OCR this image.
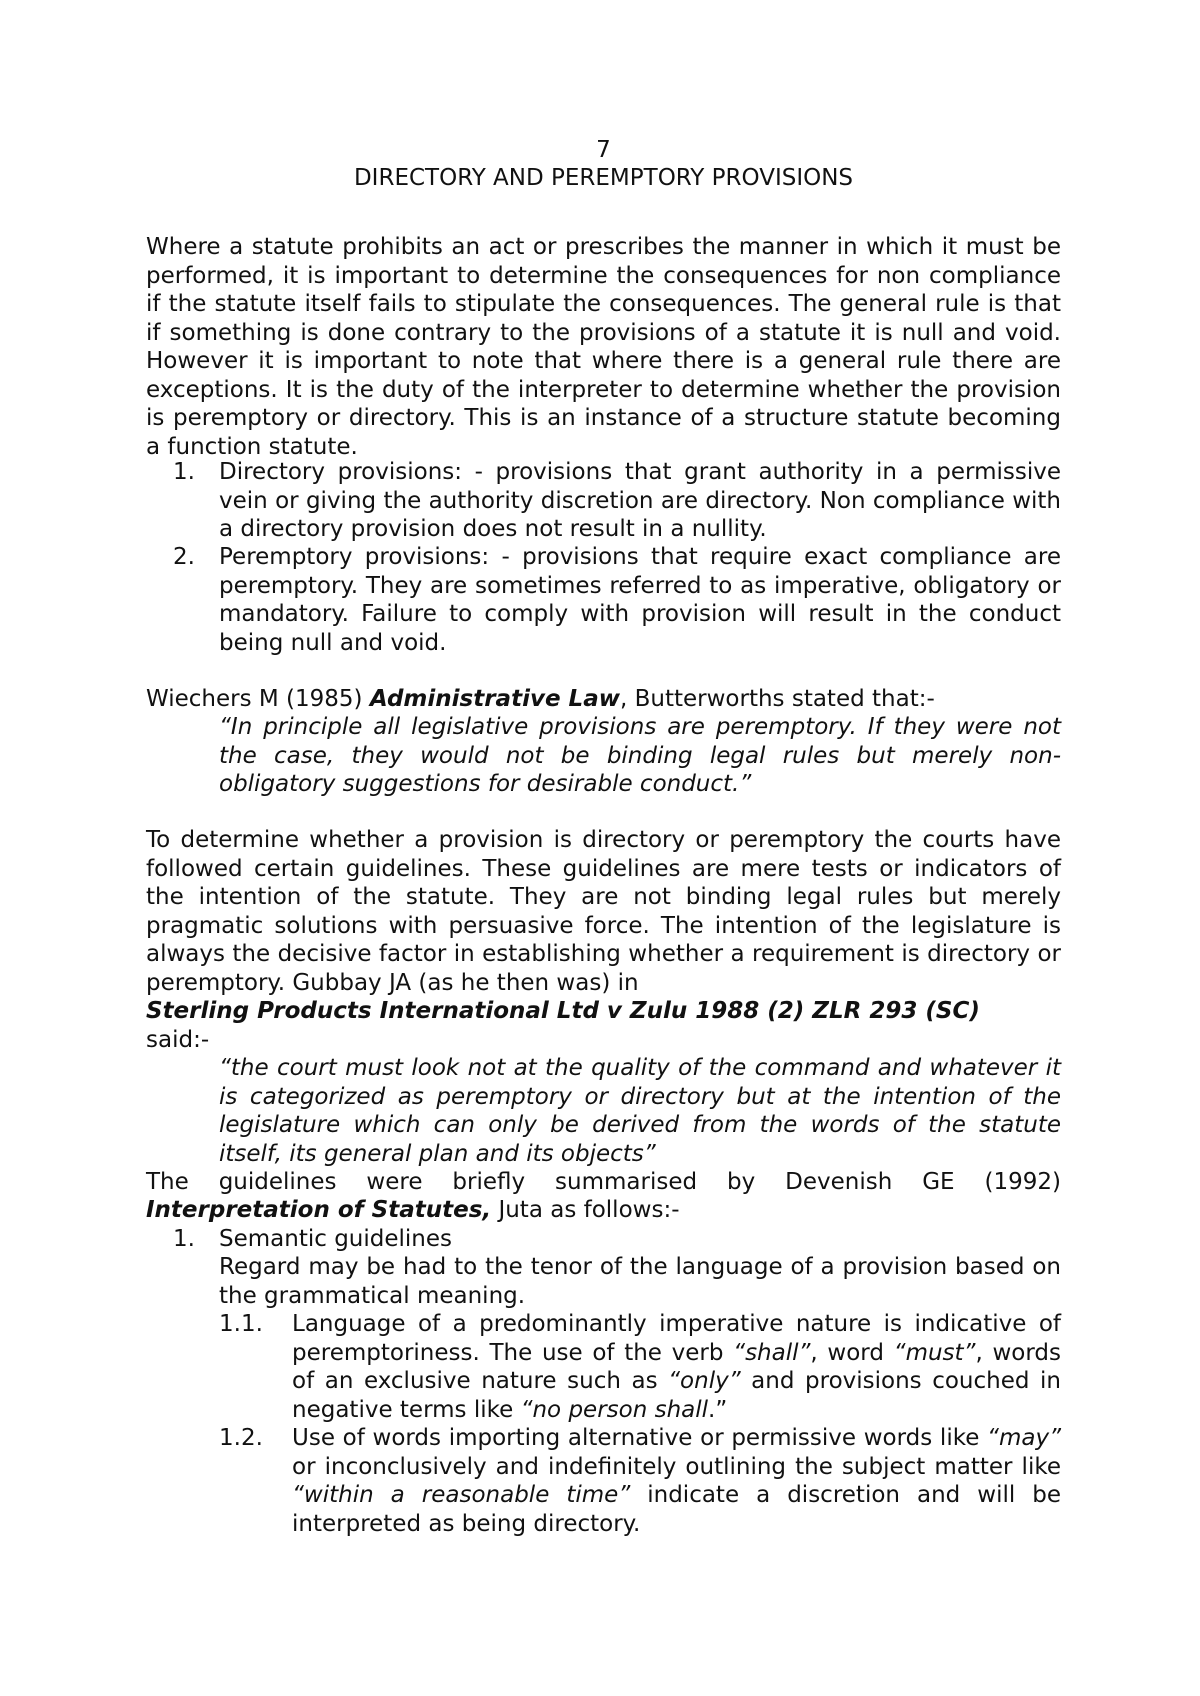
7
DIRECTORY AND PEREMPTORY PROVISIONS
Where a statute prohibits an act or prescribes the manner in which it must be performed, it is important to determine the consequences for non compliance if the statute itself fails to stipulate the consequences. The general rule is that if something is done contrary to the provisions of a statute it is null and void. However it is important to note that where there is a general rule there are exceptions. It is the duty of the interpreter to determine whether the provision is peremptory or directory. This is an instance of a structure statute becoming a function statute.
1. Directory provisions: - provisions that grant authority in a permissive vein or giving the authority discretion are directory. Non compliance with a directory provision does not result in a nullity.
2. Peremptory provisions: - provisions that require exact compliance are peremptory. They are sometimes referred to as imperative, obligatory or mandatory. Failure to comply with provision will result in the conduct being null and void.
Wiechers M (1985) Administrative Law, Butterworths stated that:-
“In principle all legislative provisions are peremptory. If they were not the case, they would not be binding legal rules but merely non-obligatory suggestions for desirable conduct.”
To determine whether a provision is directory or peremptory the courts have followed certain guidelines. These guidelines are mere tests or indicators of the intention of the statute. They are not binding legal rules but merely pragmatic solutions with persuasive force. The intention of the legislature is always the decisive factor in establishing whether a requirement is directory or peremptory. Gubbay JA (as he then was) in
Sterling Products International Ltd v Zulu 1988 (2) ZLR 293 (SC)
said:-
“the court must look not at the quality of the command and whatever it is categorized as peremptory or directory but at the intention of the legislature which can only be derived from the words of the statute itself, its general plan and its objects”
The guidelines were briefly summarised by Devenish GE (1992)
Interpretation of Statutes, Juta as follows:-
1. Semantic guidelines
Regard may be had to the tenor of the language of a provision based on the grammatical meaning.
1.1. Language of a predominantly imperative nature is indicative of peremptoriness. The use of the verb “shall”, word “must”, words of an exclusive nature such as “only” and provisions couched in negative terms like “no person shall.”
1.2. Use of words importing alternative or permissive words like “may” or inconclusively and indefinitely outlining the subject matter like “within a reasonable time” indicate a discretion and will be interpreted as being directory.
